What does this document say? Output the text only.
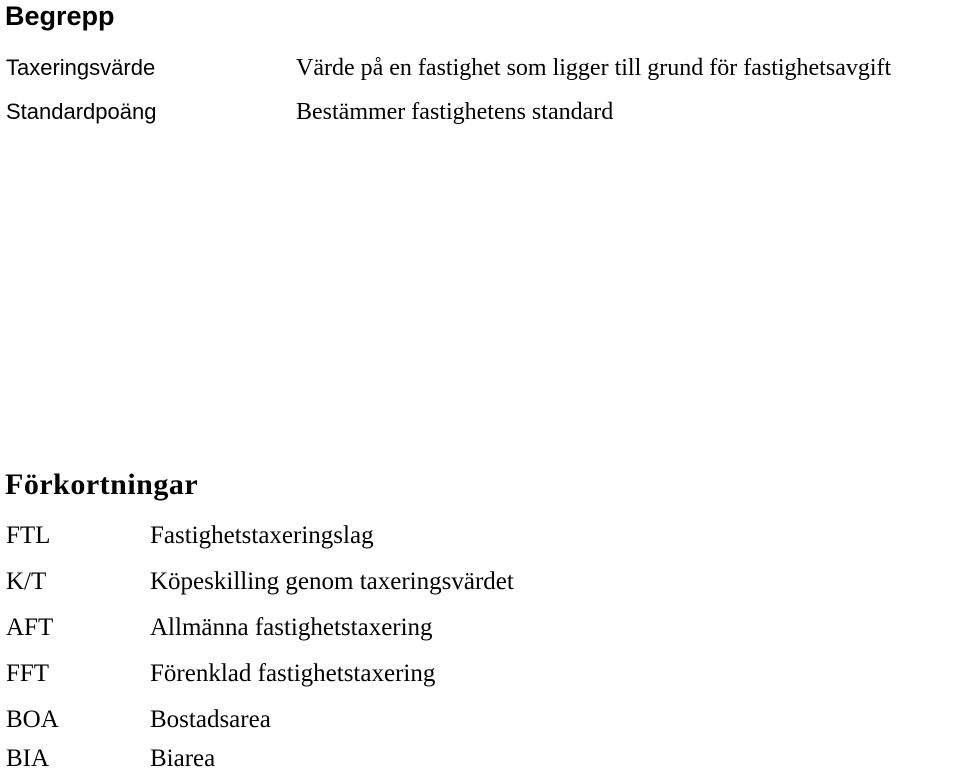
Begrepp
Taxeringsvärde	Värde på en fastighet som ligger till grund för fastighetsavgift
Standardpoäng	Bestämmer fastighetens standard
Förkortningar
FTL	Fastighetstaxeringslag
K/T	Köpeskilling genom taxeringsvärdet
AFT	Allmänna fastighetstaxering
FFT	Förenklad fastighetstaxering
BOA	Bostadsarea
BIA	Biarea
